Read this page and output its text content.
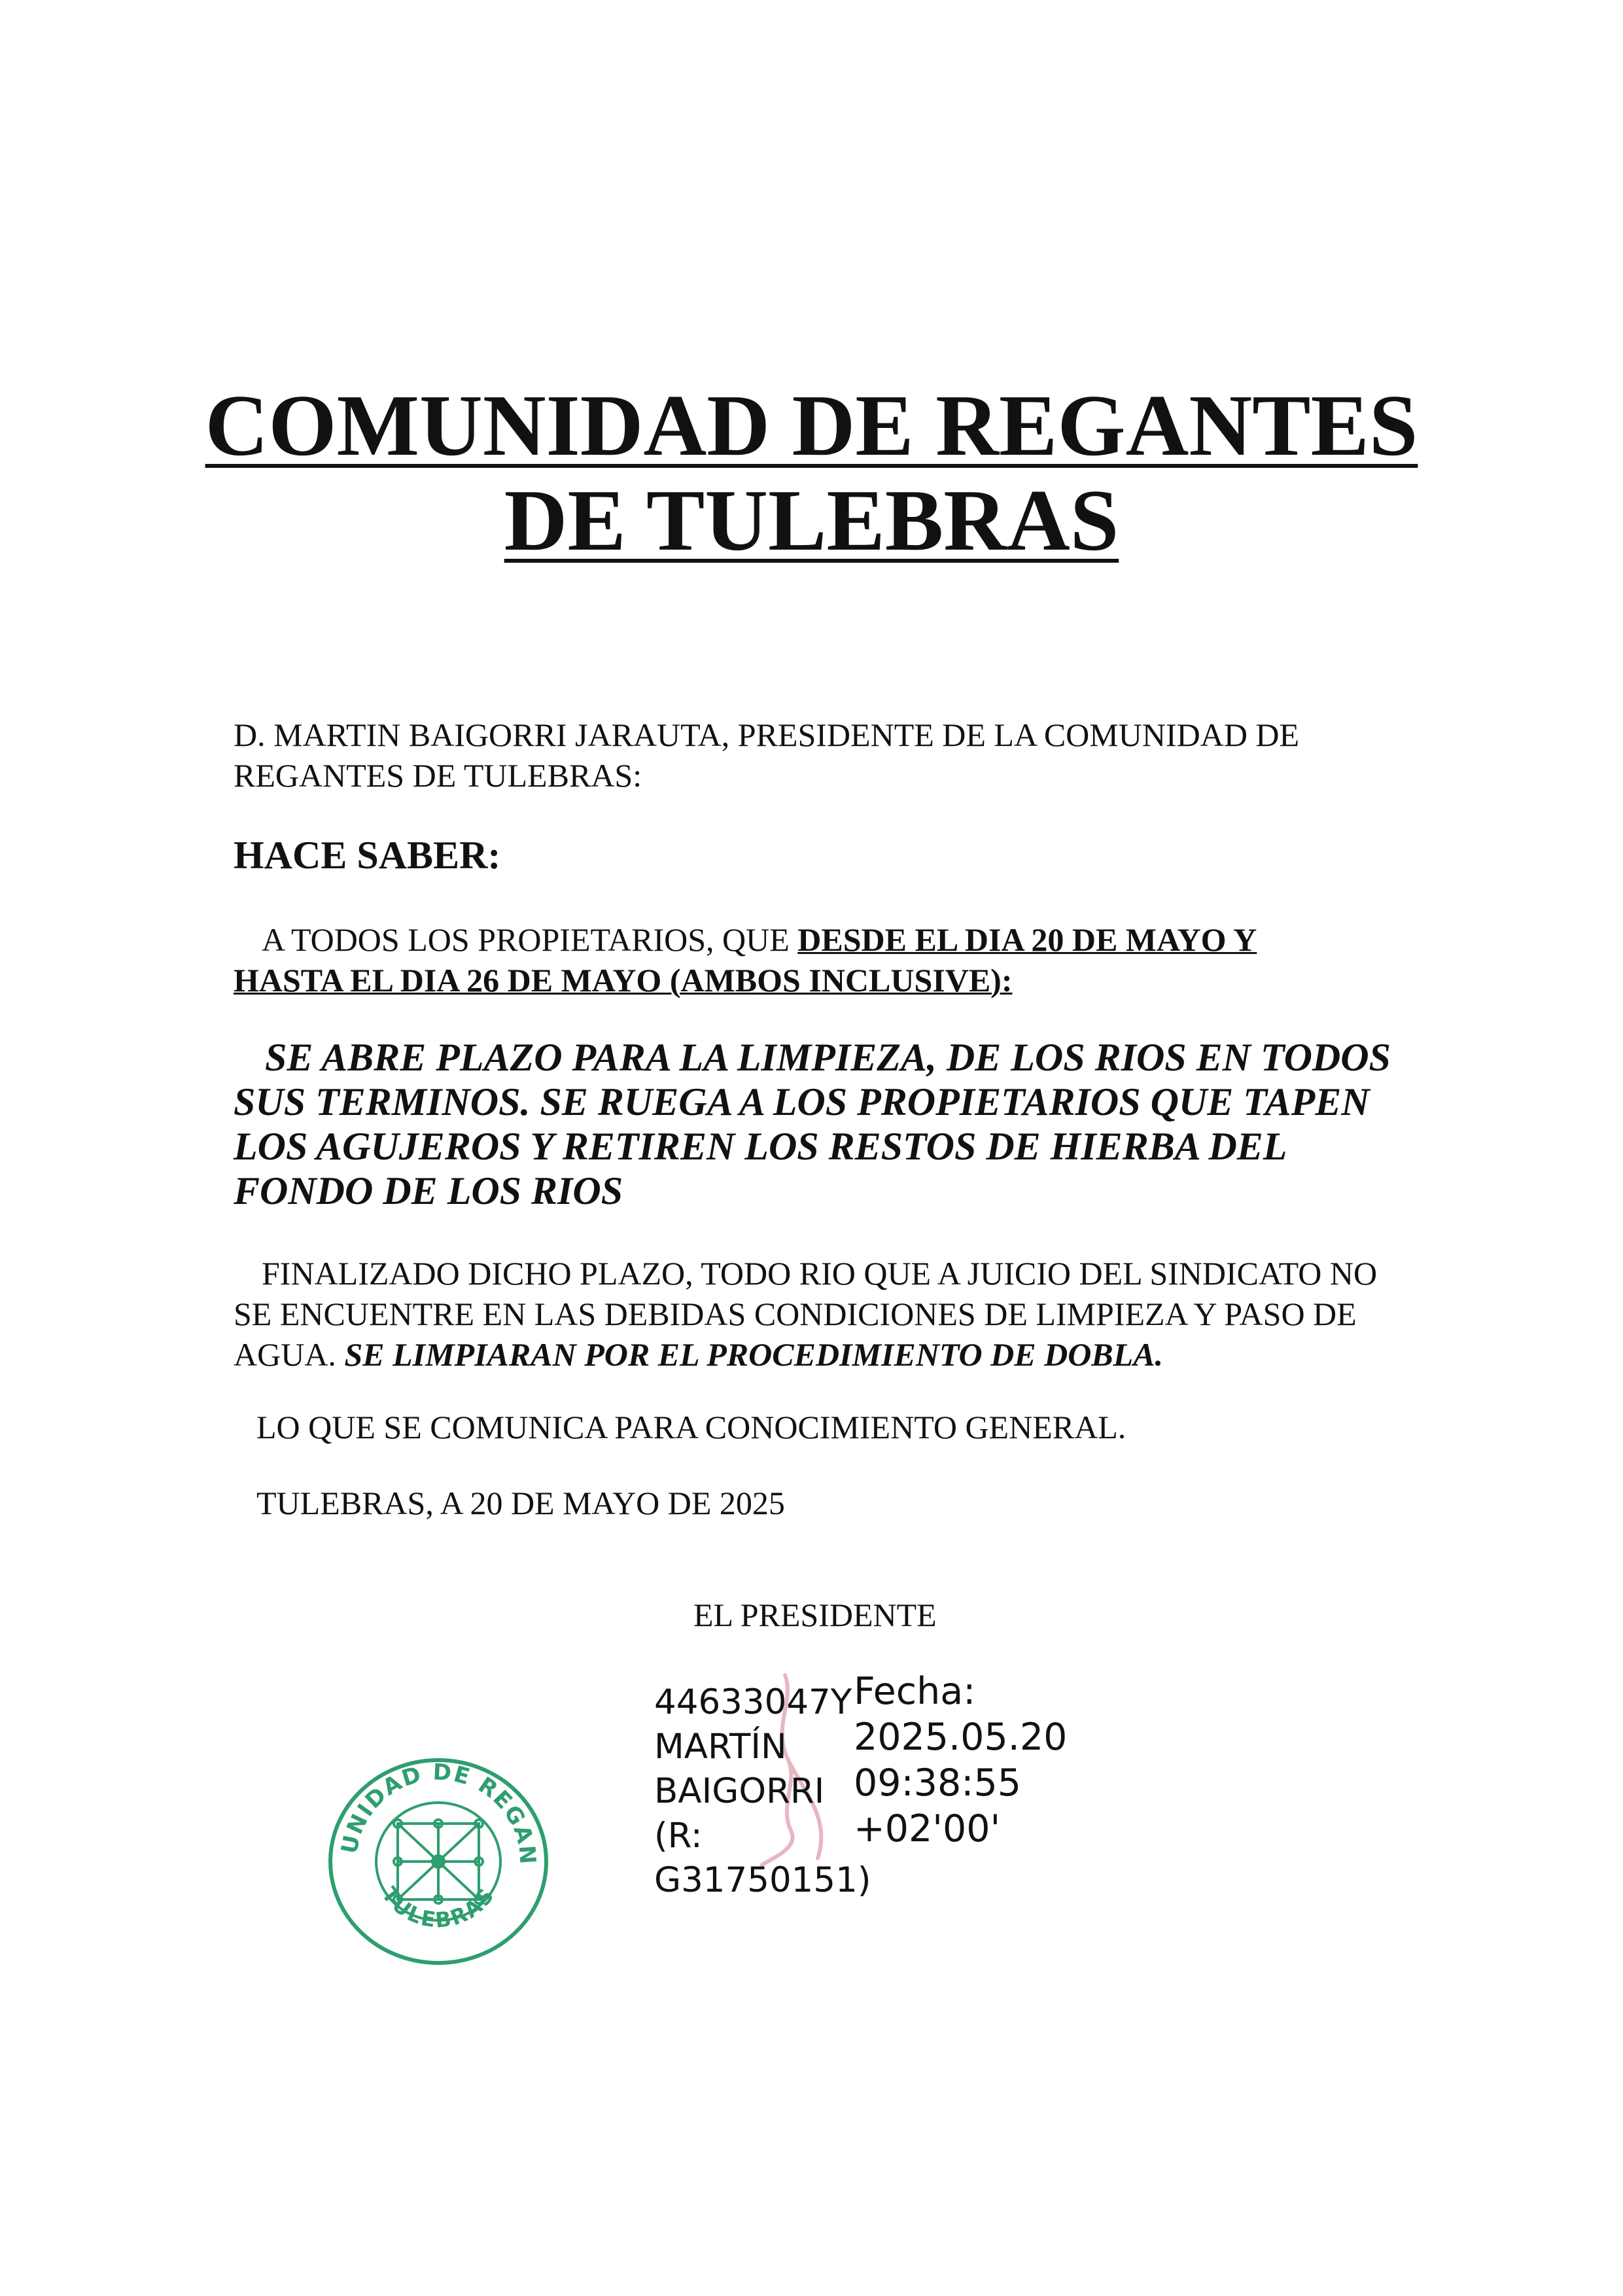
COMUNIDAD DE REGANTES
DE TULEBRAS
D. MARTIN BAIGORRI JARAUTA, PRESIDENTE DE LA COMUNIDAD DE
REGANTES DE TULEBRAS:
HACE SABER:
A TODOS LOS PROPIETARIOS, QUE DESDE EL DIA 20 DE MAYO Y
HASTA EL DIA 26 DE MAYO (AMBOS INCLUSIVE):
SE ABRE PLAZO PARA LA LIMPIEZA, DE LOS RIOS EN TODOS
SUS TERMINOS. SE RUEGA A LOS PROPIETARIOS QUE TAPEN
LOS AGUJEROS Y RETIREN LOS RESTOS DE HIERBA DEL
FONDO DE LOS RIOS
FINALIZADO DICHO PLAZO, TODO RIO QUE A JUICIO DEL SINDICATO NO
SE ENCUENTRE EN LAS DEBIDAS CONDICIONES DE LIMPIEZA Y PASO DE
AGUA. SE LIMPIARAN POR EL PROCEDIMIENTO DE DOBLA.
LO QUE SE COMUNICA PARA CONOCIMIENTO GENERAL.
TULEBRAS, A 20 DE MAYO DE 2025
EL PRESIDENTE
44633047Y
MARTÍN
BAIGORRI (R:
G31750151)
Fecha:
2025.05.20
09:38:55
+02'00'
UNIDAD DE REGAN
TULEBRAS
